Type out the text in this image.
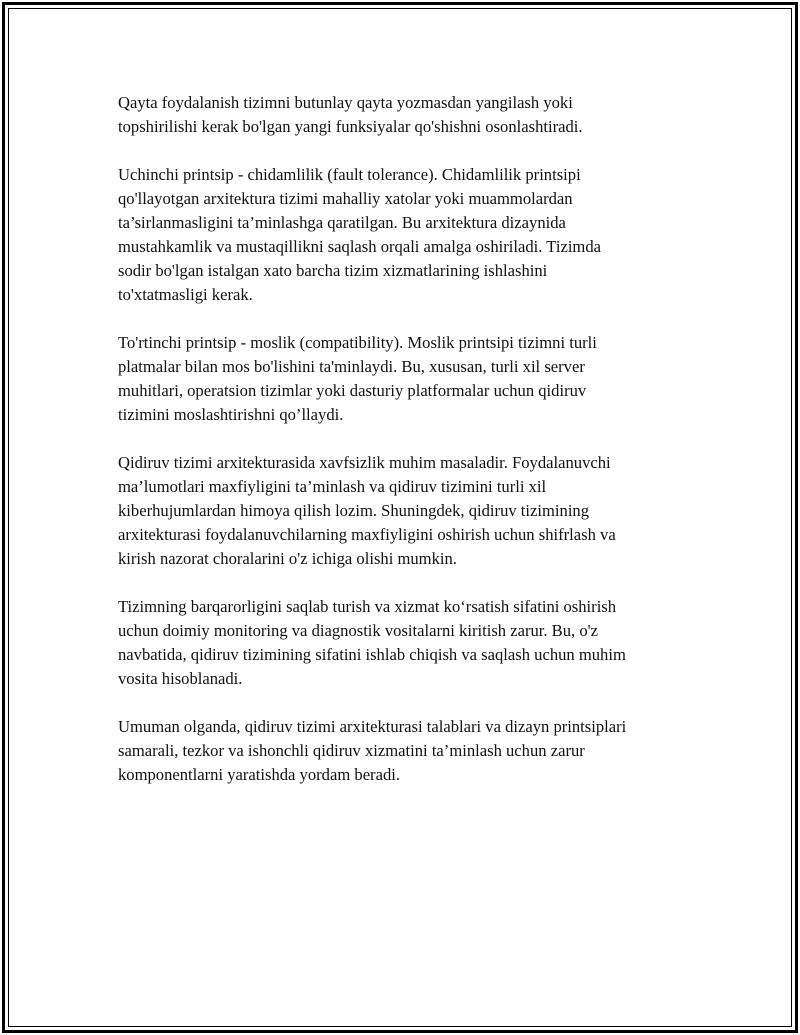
Qayta foydalanish tizimni butunlay qayta yozmasdan yangilash yoki
topshirilishi kerak bo'lgan yangi funksiyalar qo'shishni osonlashtiradi.

Uchinchi printsip - chidamlilik (fault tolerance). Chidamlilik printsipi
qo'llayotgan arxitektura tizimi mahalliy xatolar yoki muammolardan
ta’sirlanmasligini ta’minlashga qaratilgan. Bu arxitektura dizaynida
mustahkamlik va mustaqillikni saqlash orqali amalga oshiriladi. Tizimda
sodir bo'lgan istalgan xato barcha tizim xizmatlarining ishlashini
to'xtatmasligi kerak.

To'rtinchi printsip - moslik (compatibility). Moslik printsipi tizimni turli
platmalar bilan mos bo'lishini ta'minlaydi. Bu, xususan, turli xil server
muhitlari, operatsion tizimlar yoki dasturiy platformalar uchun qidiruv
tizimini moslashtirishni qo’llaydi.

Qidiruv tizimi arxitekturasida xavfsizlik muhim masaladir. Foydalanuvchi
ma’lumotlari maxfiyligini ta’minlash va qidiruv tizimini turli xil
kiberhujumlardan himoya qilish lozim. Shuningdek, qidiruv tizimining
arxitekturasi foydalanuvchilarning maxfiyligini oshirish uchun shifrlash va
kirish nazorat choralarini o'z ichiga olishi mumkin.

Tizimning barqarorligini saqlab turish va xizmat ko‘rsatish sifatini oshirish
uchun doimiy monitoring va diagnostik vositalarni kiritish zarur. Bu, o'z
navbatida, qidiruv tizimining sifatini ishlab chiqish va saqlash uchun muhim
vosita hisoblanadi.

Umuman olganda, qidiruv tizimi arxitekturasi talablari va dizayn printsiplari
samarali, tezkor va ishonchli qidiruv xizmatini ta’minlash uchun zarur
komponentlarni yaratishda yordam beradi.
